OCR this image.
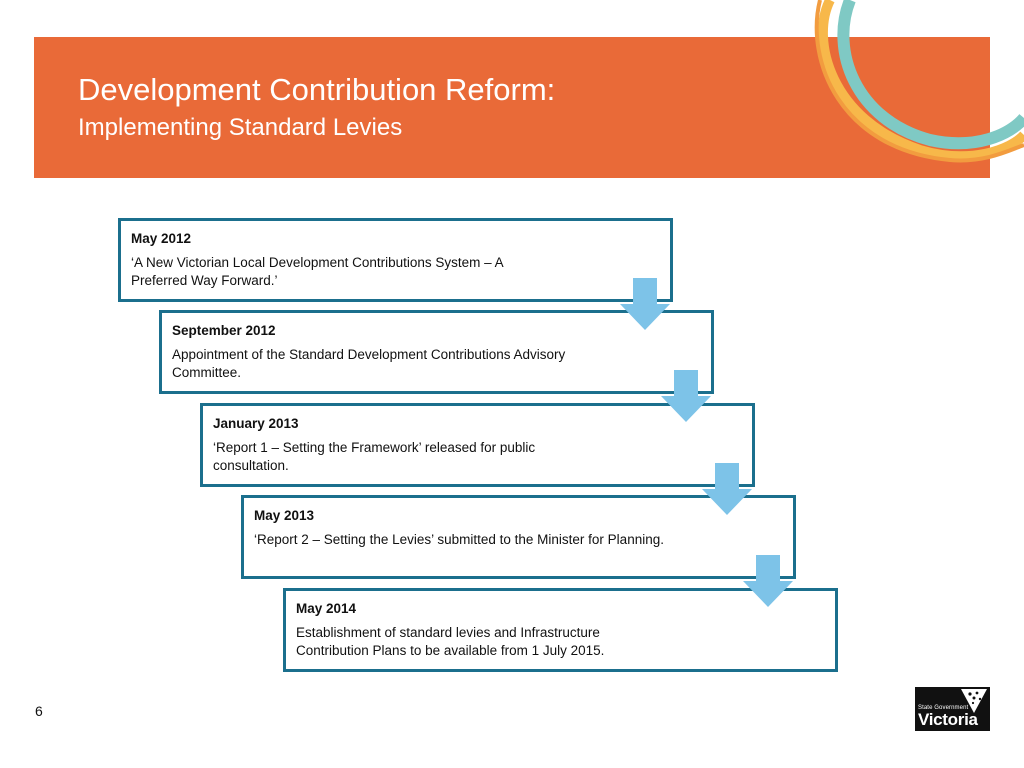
Development Contribution Reform:
Implementing Standard Levies
May 2012
‘A New Victorian Local Development Contributions System – A Preferred Way Forward.’
September 2012
Appointment of the Standard Development Contributions Advisory Committee.
January 2013
‘Report 1 – Setting the Framework’ released for public consultation.
May 2013
‘Report 2 – Setting the Levies’ submitted to the Minister for Planning.
May 2014
Establishment of standard levies and Infrastructure Contribution Plans to be available from 1 July 2015.
6	State Government
Victoria
